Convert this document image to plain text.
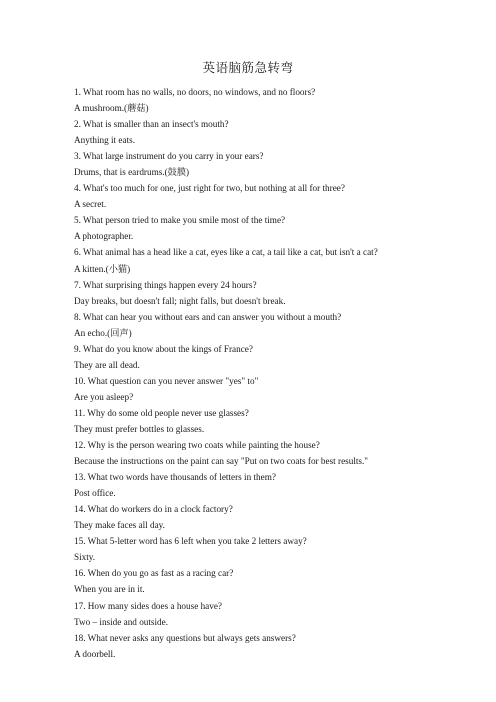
英语脑筋急转弯
1. What room has no walls, no doors, no windows, and no floors?
A mushroom.(蘑菇)
2. What is smaller than an insect's mouth?
Anything it eats.
3. What large instrument do you carry in your ears?
Drums, that is eardrums.(鼓膜)
4. What's too much for one, just right for two, but nothing at all for three?
A secret.
5. What person tried to make you smile most of the time?
A photographer.
6. What animal has a head like a cat, eyes like a cat, a tail like a cat, but isn't a cat?
A kitten.(小猫)
7. What surprising things happen every 24 hours?
Day breaks, but doesn't fall; night falls, but doesn't break.
8. What can hear you without ears and can answer you without a mouth?
An echo.(回声)
9. What do you know about the kings of France?
They are all dead.
10. What question can you never answer "yes" to"
Are you asleep?
11. Why do some old people never use glasses?
They must prefer bottles to glasses.
12. Why is the person wearing two coats while painting the house?
Because the instructions on the paint can say "Put on two coats for best results."
13. What two words have thousands of letters in them?
Post office.
14. What do workers do in a clock factory?
They make faces all day.
15. What 5-letter word has 6 left when you take 2 letters away?
Sixty.
16. When do you go as fast as a racing car?
When you are in it.
17. How many sides does a house have?
Two – inside and outside.
18. What never asks any questions but always gets answers?
A doorbell.
